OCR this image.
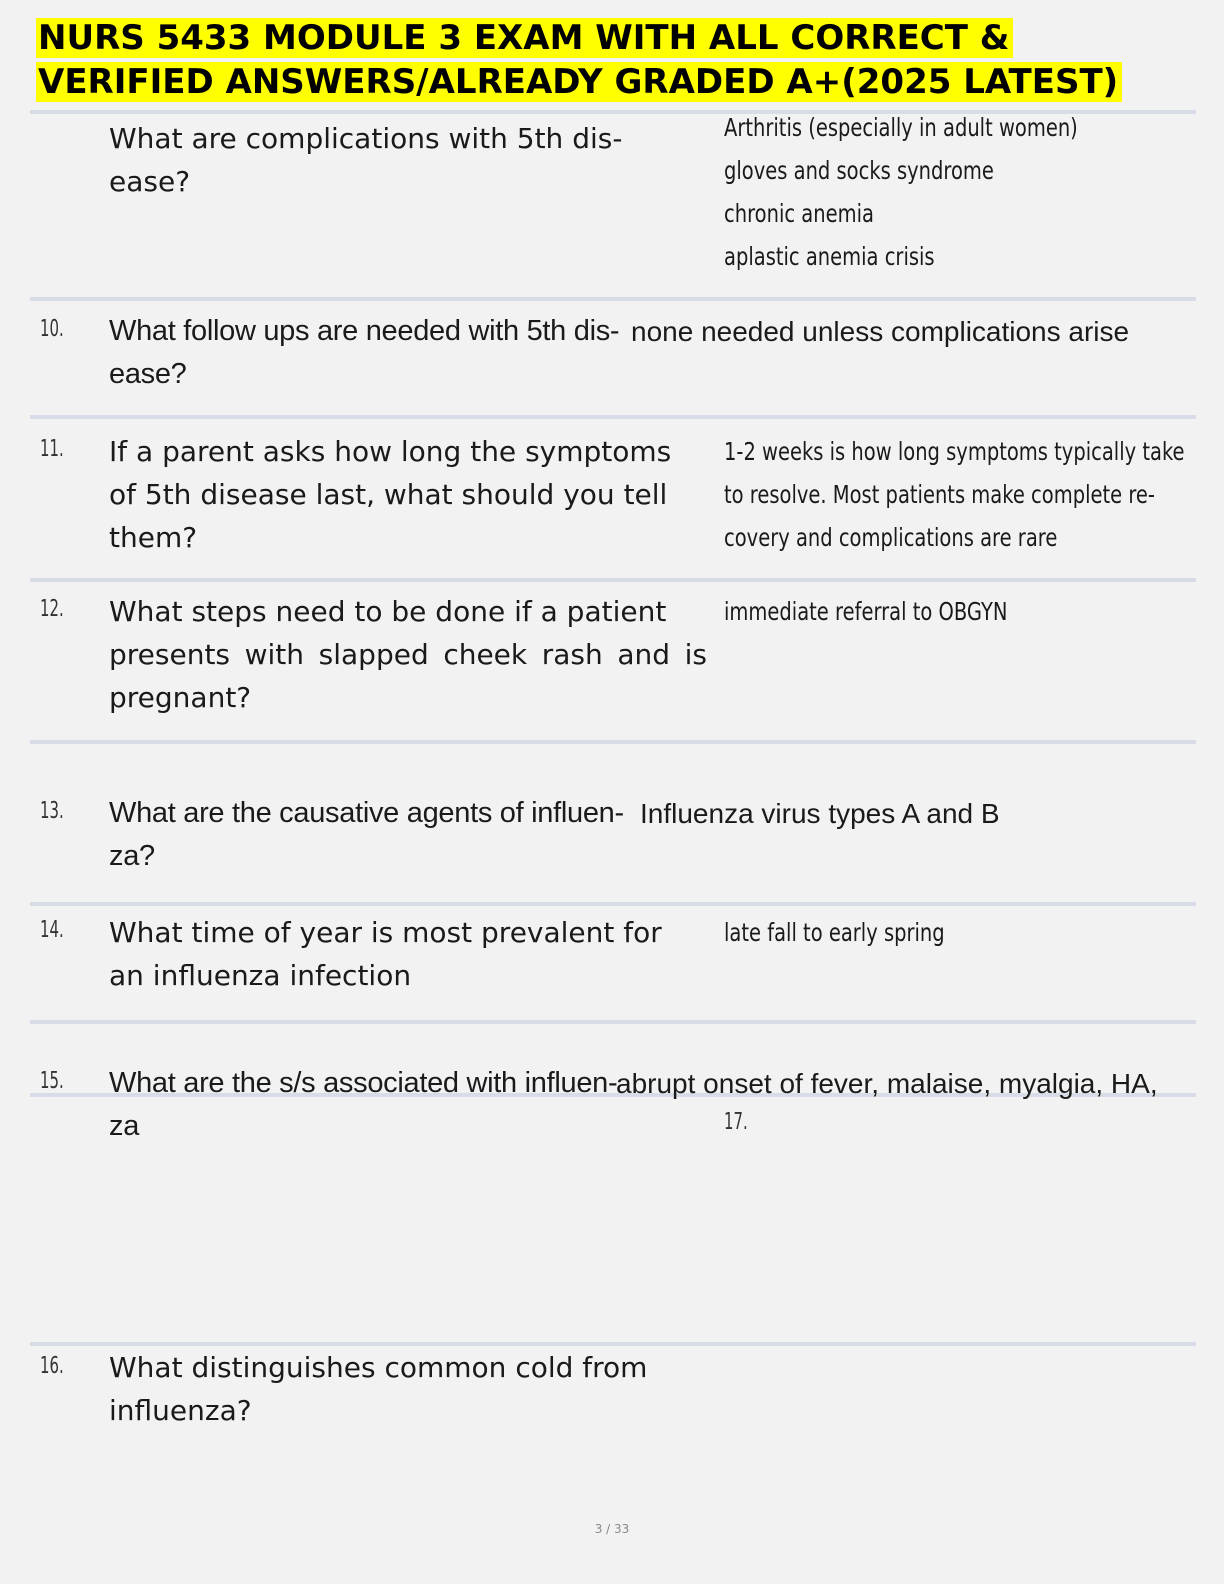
NURS 5433 MODULE 3 EXAM WITH ALL CORRECT &
VERIFIED ANSWERS/ALREADY GRADED A+(2025 LATEST)
What are complications with 5th dis-
ease?
Arthritis (especially in adult women)
gloves and socks syndrome
chronic anemia
aplastic anemia crisis
10. What follow ups are needed with 5th dis-
ease?
none needed unless complications arise
11. If a parent asks how long the symptoms
of 5th disease last, what should you tell
them?
1-2 weeks is how long symptoms typically take
to resolve. Most patients make complete re-
covery and complications are rare
12. What steps need to be done if a patient
presents with slapped cheek rash and is
pregnant?
immediate referral to OBGYN
13. What are the causative agents of influen-
za?
Influenza virus types A and B
14. What time of year is most prevalent for
an influenza infection
late fall to early spring
15. What are the s/s associated with influen-
za
abrupt onset of fever, malaise, myalgia, HA,
17.
16. What distinguishes common cold from
influenza?
3 / 33
